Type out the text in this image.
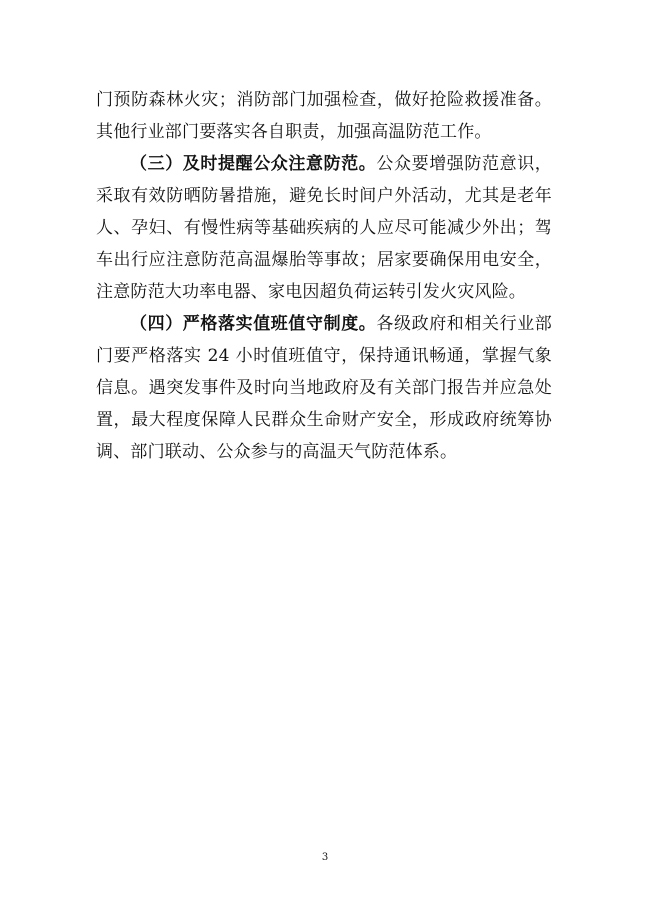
门预防森林火灾；消防部门加强检查，做好抢险救援准备。
其他行业部门要落实各自职责，加强高温防范工作。
（三）及时提醒公众注意防范。公众要增强防范意识，
采取有效防晒防暑措施，避免长时间户外活动，尤其是老年
人、孕妇、有慢性病等基础疾病的人应尽可能减少外出；驾
车出行应注意防范高温爆胎等事故；居家要确保用电安全，
注意防范大功率电器、家电因超负荷运转引发火灾风险。
（四）严格落实值班值守制度。各级政府和相关行业部
门要严格落实 24 小时值班值守，保持通讯畅通，掌握气象
信息。遇突发事件及时向当地政府及有关部门报告并应急处
置，最大程度保障人民群众生命财产安全，形成政府统筹协
调、部门联动、公众参与的高温天气防范体系。
3
